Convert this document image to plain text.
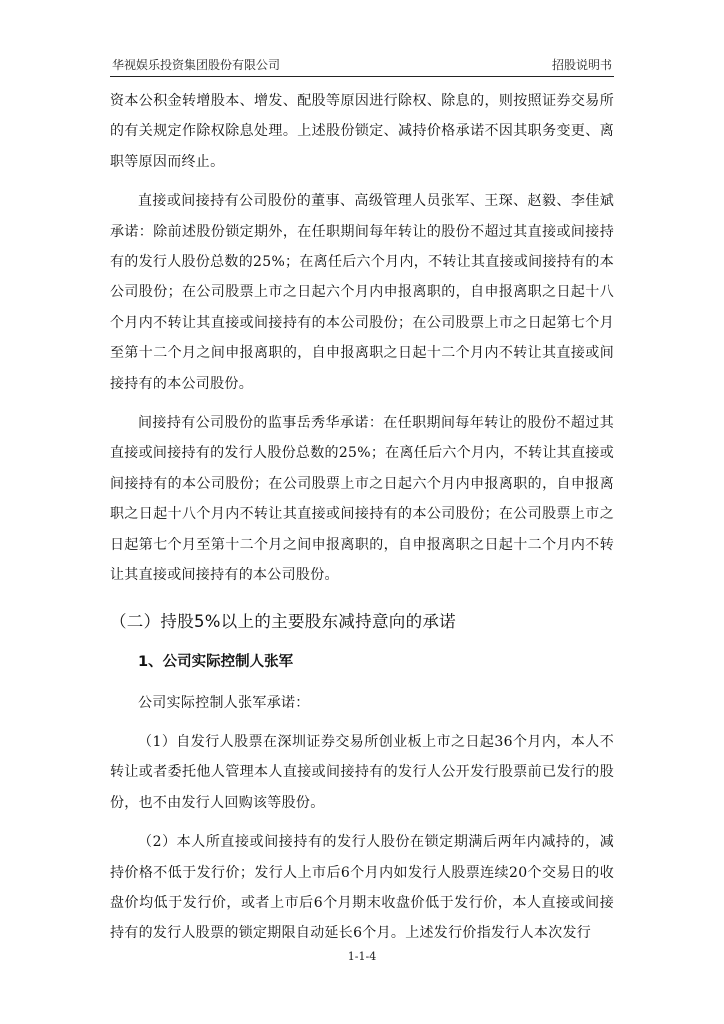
华视娱乐投资集团股份有限公司	招股说明书

资本公积金转增股本、增发、配股等原因进行除权、除息的，则按照证券交易所的有关规定作除权除息处理。上述股份锁定、减持价格承诺不因其职务变更、离职等原因而终止。

直接或间接持有公司股份的董事、高级管理人员张军、王琛、赵毅、李佳斌承诺：除前述股份锁定期外，在任职期间每年转让的股份不超过其直接或间接持有的发行人股份总数的25%；在离任后六个月内，不转让其直接或间接持有的本公司股份；在公司股票上市之日起六个月内申报离职的，自申报离职之日起十八个月内不转让其直接或间接持有的本公司股份；在公司股票上市之日起第七个月至第十二个月之间申报离职的，自申报离职之日起十二个月内不转让其直接或间接持有的本公司股份。

间接持有公司股份的监事岳秀华承诺：在任职期间每年转让的股份不超过其直接或间接持有的发行人股份总数的25%；在离任后六个月内，不转让其直接或间接持有的本公司股份；在公司股票上市之日起六个月内申报离职的，自申报离职之日起十八个月内不转让其直接或间接持有的本公司股份；在公司股票上市之日起第七个月至第十二个月之间申报离职的，自申报离职之日起十二个月内不转让其直接或间接持有的本公司股份。

（二）持股5%以上的主要股东减持意向的承诺
1、公司实际控制人张军

公司实际控制人张军承诺：

（1）自发行人股票在深圳证券交易所创业板上市之日起36个月内，本人不转让或者委托他人管理本人直接或间接持有的发行人公开发行股票前已发行的股份，也不由发行人回购该等股份。

（2）本人所直接或间接持有的发行人股份在锁定期满后两年内减持的，减持价格不低于发行价；发行人上市后6个月内如发行人股票连续20个交易日的收盘价均低于发行价，或者上市后6个月期末收盘价低于发行价，本人直接或间接持有的发行人股票的锁定期限自动延长6个月。上述发行价指发行人本次发行

1-1-4
